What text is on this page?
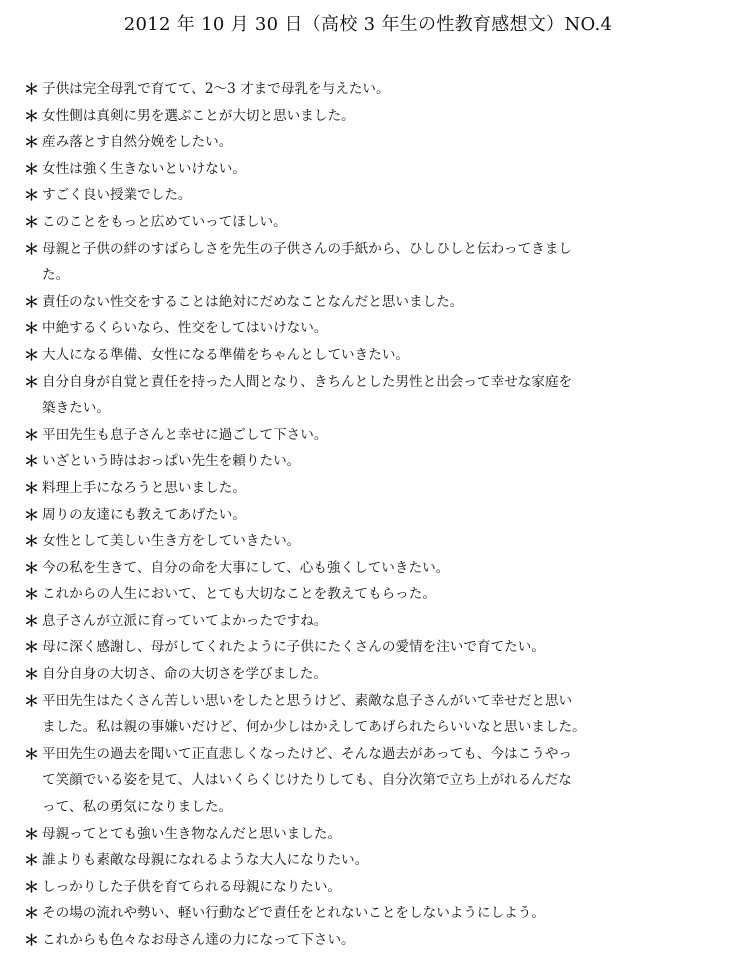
2012 年 10 月 30 日（高校 3 年生の性教育感想文）NO.4
＊ 子供は完全母乳で育てて、2～3 才まで母乳を与えたい。
＊ 女性側は真剣に男を選ぶことが大切と思いました。
＊ 産み落とす自然分娩をしたい。
＊ 女性は強く生きないといけない。
＊ すごく良い授業でした。
＊ このことをもっと広めていってほしい。
＊ 母親と子供の絆のすばらしさを先生の子供さんの手紙から、ひしひしと伝わってきまし
た。
＊ 責任のない性交をすることは絶対にだめなことなんだと思いました。
＊ 中絶するくらいなら、性交をしてはいけない。
＊ 大人になる準備、女性になる準備をちゃんとしていきたい。
＊ 自分自身が自覚と責任を持った人間となり、きちんとした男性と出会って幸せな家庭を
築きたい。
＊ 平田先生も息子さんと幸せに過ごして下さい。
＊ いざという時はおっぱい先生を頼りたい。
＊ 料理上手になろうと思いました。
＊ 周りの友達にも教えてあげたい。
＊ 女性として美しい生き方をしていきたい。
＊ 今の私を生きて、自分の命を大事にして、心も強くしていきたい。
＊ これからの人生において、とても大切なことを教えてもらった。
＊ 息子さんが立派に育っていてよかったですね。
＊ 母に深く感謝し、母がしてくれたように子供にたくさんの愛情を注いで育てたい。
＊ 自分自身の大切さ、命の大切さを学びました。
＊ 平田先生はたくさん苦しい思いをしたと思うけど、素敵な息子さんがいて幸せだと思い
ました。私は親の事嫌いだけど、何か少しはかえしてあげられたらいいなと思いました。
＊ 平田先生の過去を聞いて正直悲しくなったけど、そんな過去があっても、今はこうやっ
て笑顔でいる姿を見て、人はいくらくじけたりしても、自分次第で立ち上がれるんだな
って、私の勇気になりました。
＊ 母親ってとても強い生き物なんだと思いました。
＊ 誰よりも素敵な母親になれるような大人になりたい。
＊ しっかりした子供を育てられる母親になりたい。
＊ その場の流れや勢い、軽い行動などで責任をとれないことをしないようにしよう。
＊ これからも色々なお母さん達の力になって下さい。
